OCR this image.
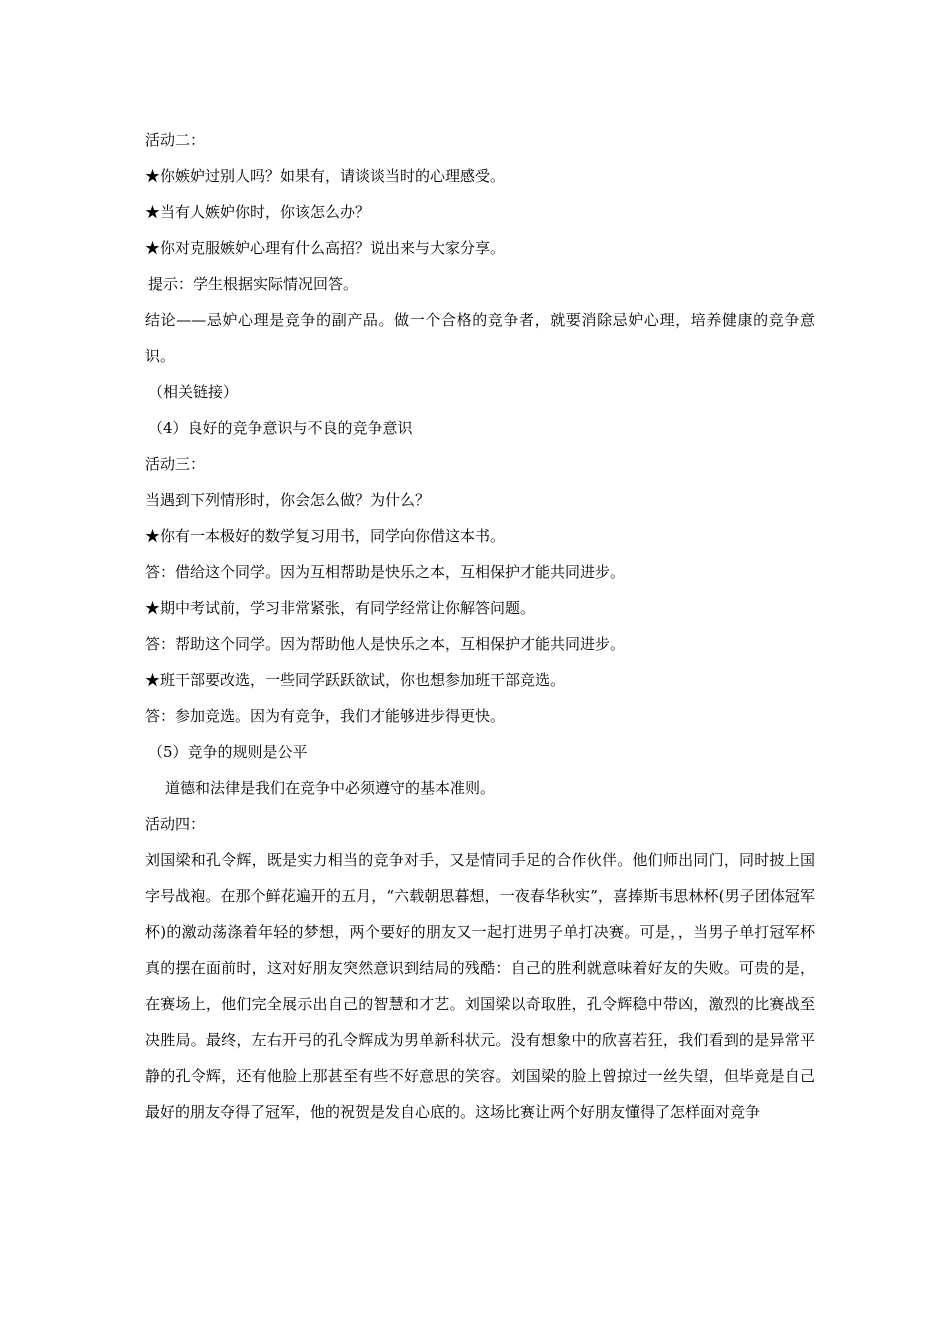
活动二：
★你嫉妒过别人吗？如果有，请谈谈当时的心理感受。
★当有人嫉妒你时，你该怎么办？
★你对克服嫉妒心理有什么高招？说出来与大家分享。
提示：学生根据实际情况回答。
结论——忌妒心理是竞争的副产品。做一个合格的竞争者，就要消除忌妒心理，培养健康的竞争意识。
（相关链接）
（4）良好的竞争意识与不良的竞争意识
活动三：
当遇到下列情形时，你会怎么做？为什么？
★你有一本极好的数学复习用书，同学向你借这本书。
答：借给这个同学。因为互相帮助是快乐之本，互相保护才能共同进步。
★期中考试前，学习非常紧张，有同学经常让你解答问题。
答：帮助这个同学。因为帮助他人是快乐之本，互相保护才能共同进步。
★班干部要改选，一些同学跃跃欲试，你也想参加班干部竞选。
答：参加竞选。因为有竞争，我们才能够进步得更快。
（5）竞争的规则是公平
道德和法律是我们在竞争中必须遵守的基本准则。
活动四：
刘国梁和孔令辉，既是实力相当的竞争对手，又是情同手足的合作伙伴。他们师出同门，同时披上国字号战袍。在那个鲜花遍开的五月，“六载朝思暮想，一夜春华秋实”，喜捧斯韦思林杯(男子团体冠军杯)的激动荡涤着年轻的梦想，两个要好的朋友又一起打进男子单打决赛。可是，，当男子单打冠军杯真的摆在面前时，这对好朋友突然意识到结局的残酷：自己的胜利就意味着好友的失败。可贵的是，在赛场上，他们完全展示出自己的智慧和才艺。刘国梁以奇取胜，孔令辉稳中带凶，激烈的比赛战至决胜局。最终，左右开弓的孔令辉成为男单新科状元。没有想象中的欣喜若狂，我们看到的是异常平静的孔令辉，还有他脸上那甚至有些不好意思的笑容。刘国梁的脸上曾掠过一丝失望，但毕竟是自己最好的朋友夺得了冠军，他的祝贺是发自心底的。这场比赛让两个好朋友懂得了怎样面对竞争
